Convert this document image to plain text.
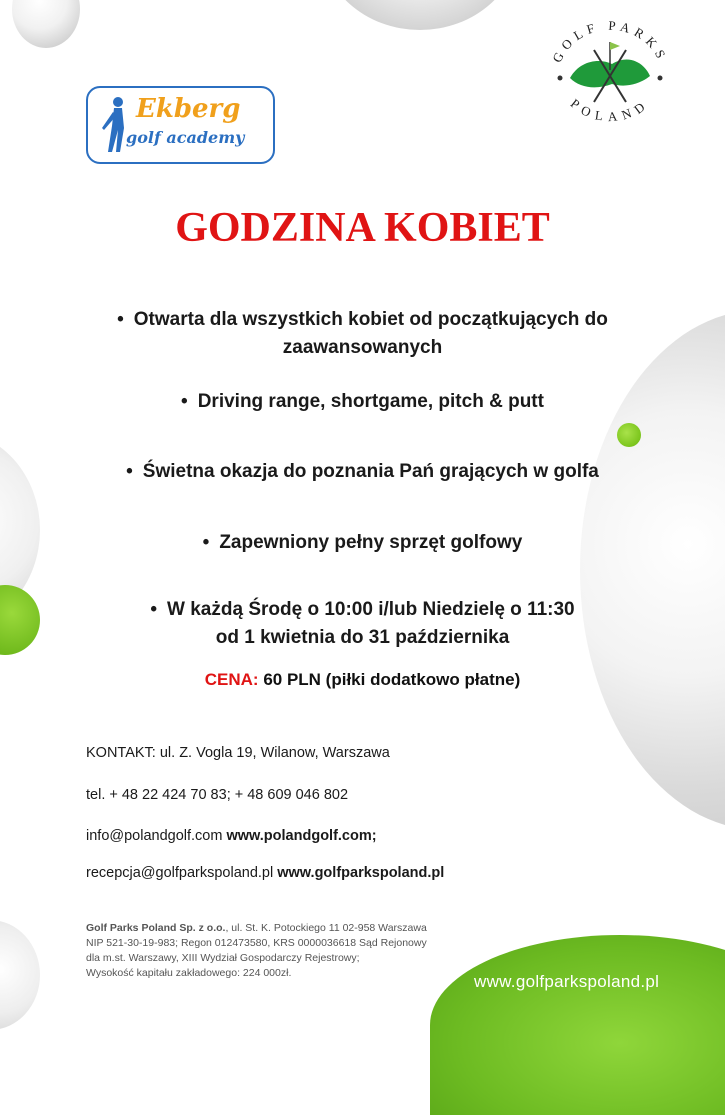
www.golfparkspoland.pl
Ekberg
golf academy
GOLF PARKS
POLAND
GODZINA KOBIET
• Otwarta dla wszystkich kobiet od początkujących do
zaawansowanych
• Driving range, shortgame, pitch & putt
• Świetna okazja do poznania Pań grających w golfa
• Zapewniony pełny sprzęt golfowy
• W każdą Środę o 10:00 i/lub Niedzielę o 11:30
od 1 kwietnia do 31 października
CENA: 60 PLN (piłki dodatkowo płatne)
KONTAKT: ul. Z. Vogla 19, Wilanow, Warszawa
tel. + 48 22 424 70 83; + 48 609 046 802
info@polandgolf.com www.polandgolf.com;
recepcja@golfparkspoland.pl www.golfparkspoland.pl
Golf Parks Poland Sp. z o.o., ul. St. K. Potockiego 11 02-958 Warszawa
NIP 521-30-19-983; Regon 012473580, KRS 0000036618 Sąd Rejonowy
dla m.st. Warszawy, XIII Wydział Gospodarczy Rejestrowy;
Wysokość kapitału zakładowego: 224 000zł.
